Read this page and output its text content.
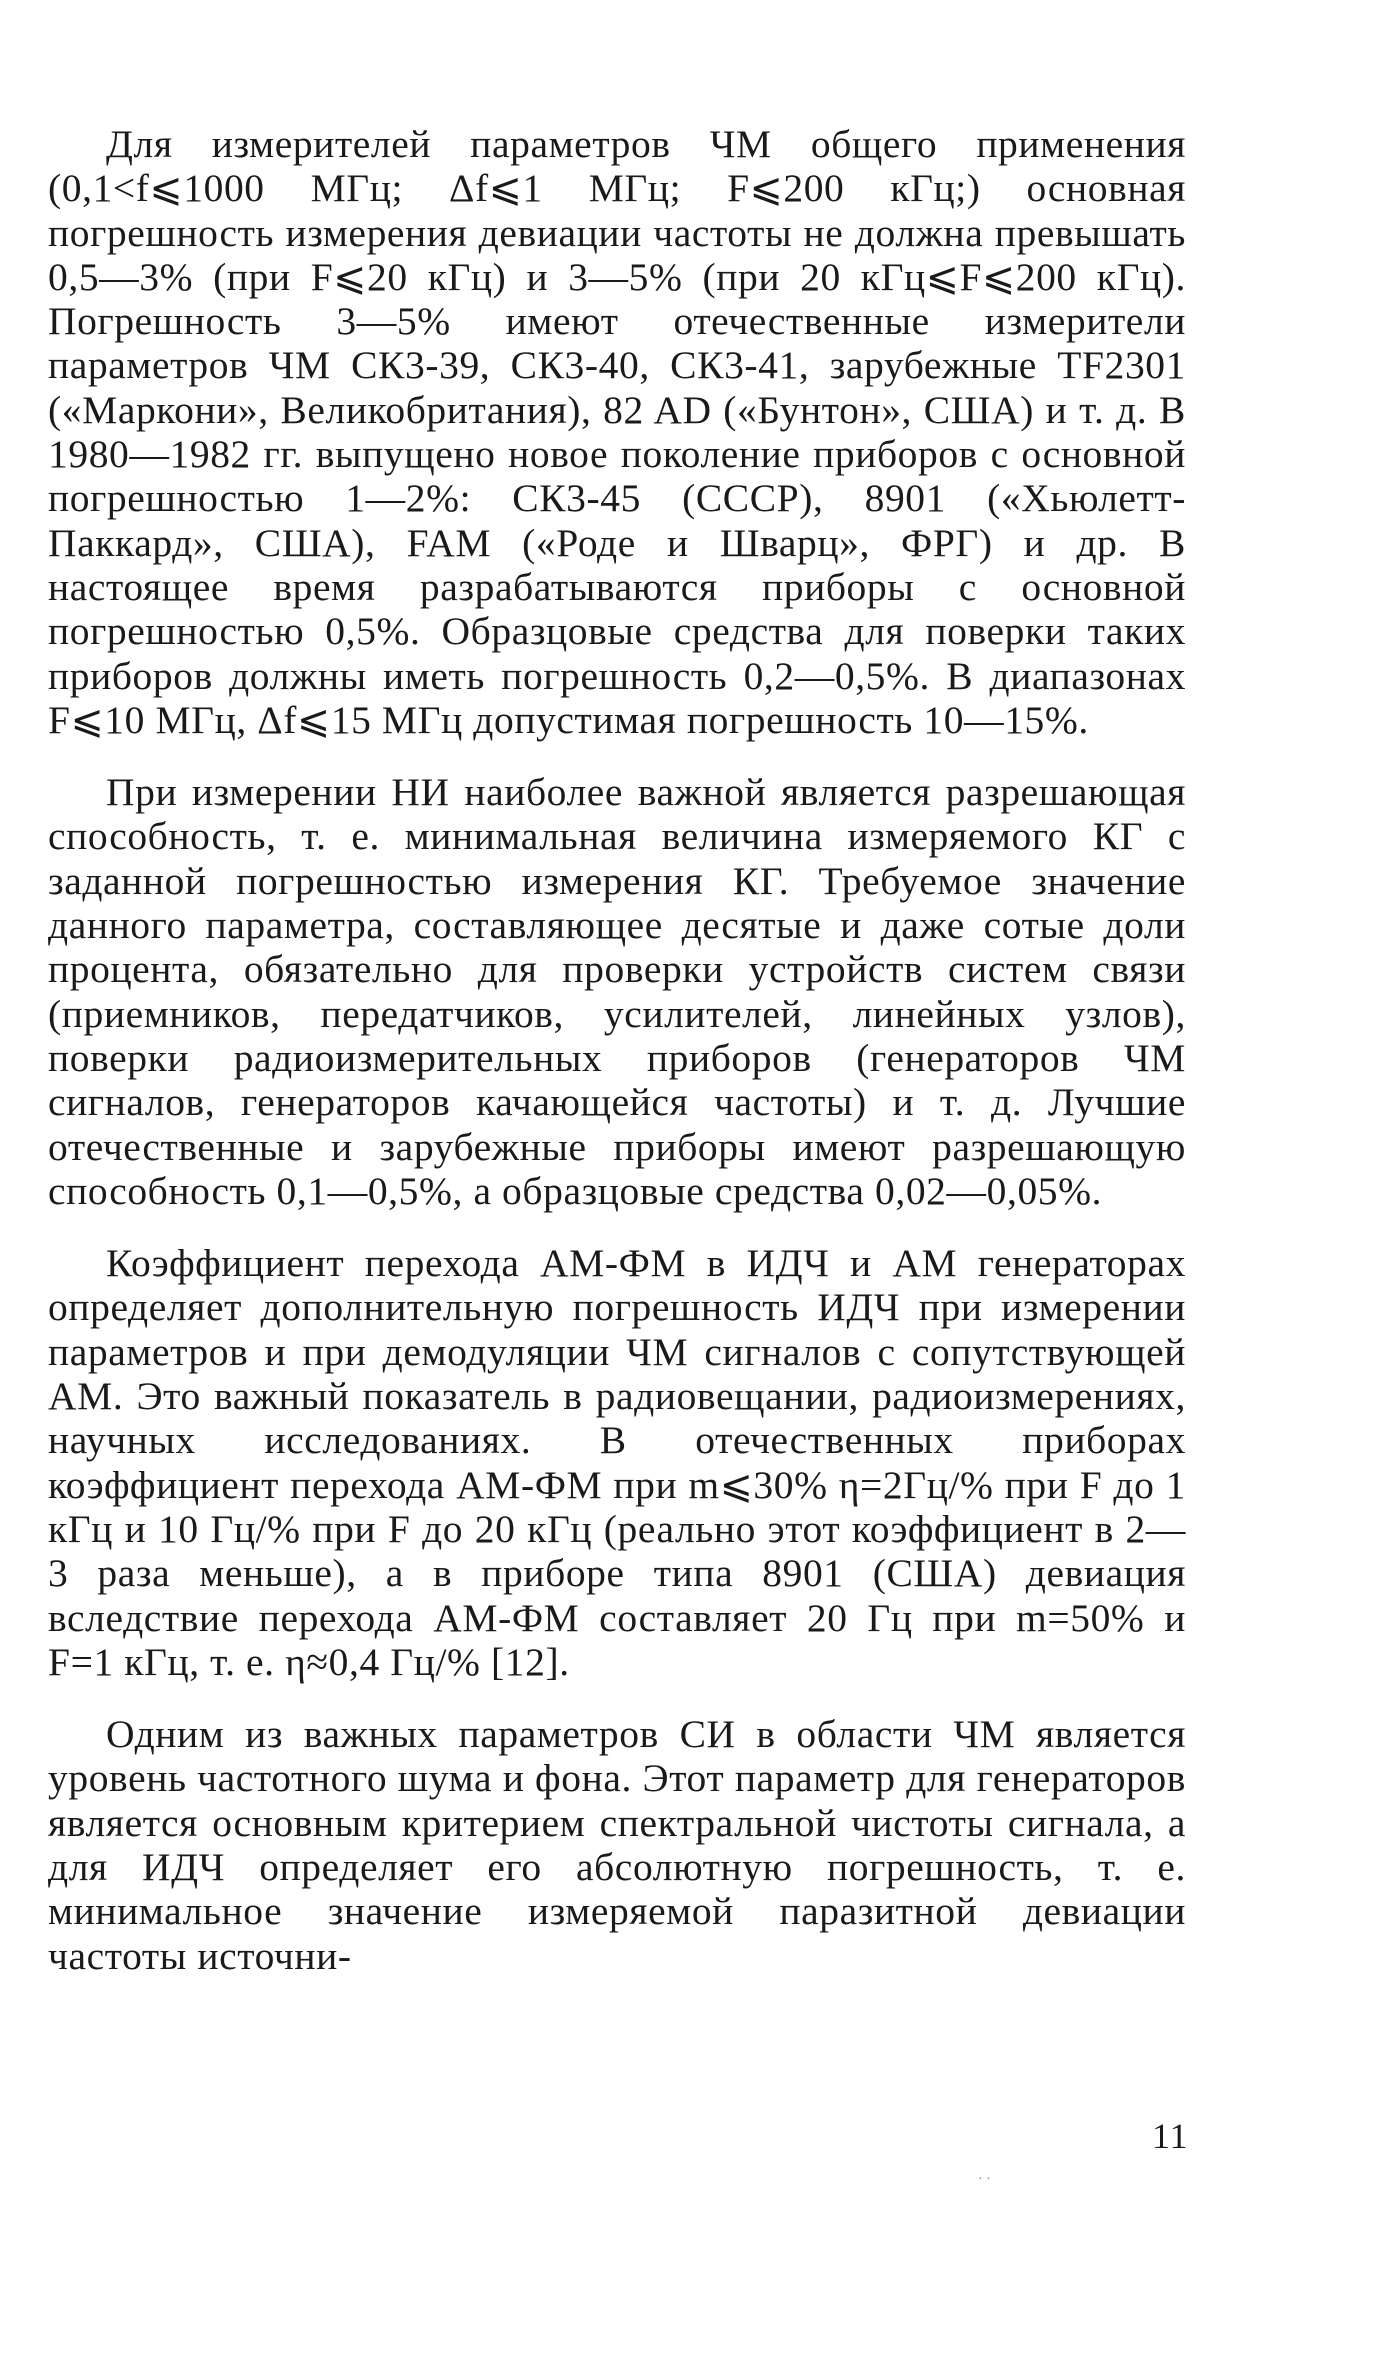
Для измерителей параметров ЧМ общего применения (0,1<f⩽1000 МГц; Δf⩽1 МГц; F⩽200 кГц;) основная погрешность измерения девиации частоты не должна превышать 0,5—3% (при F⩽20 кГц) и 3—5% (при 20 кГц⩽F⩽200 кГц). Погрешность 3—5% имеют отечественные измерители параметров ЧМ СК3-39, СК3-40, СК3-41, зарубежные TF2301 («Маркони», Великобритания), 82 AD («Бунтон», США) и т. д. В 1980—1982 гг. выпущено новое поколение приборов с основной погрешностью 1—2%: СК3-45 (СССР), 8901 («Хьюлетт-Паккард», США), FAM («Роде и Шварц», ФРГ) и др. В настоящее время разрабатываются приборы с основной погрешностью 0,5%. Образцовые средства для поверки таких приборов должны иметь погрешность 0,2—0,5%. В диапазонах F⩽10 МГц, Δf⩽15 МГц допустимая погрешность 10—15%.

При измерении НИ наиболее важной является разрешающая способность, т. е. минимальная величина измеряемого КГ с заданной погрешностью измерения КГ. Требуемое значение данного параметра, составляющее десятые и даже сотые доли процента, обязательно для проверки устройств систем связи (приемников, передатчиков, усилителей, линейных узлов), поверки радиоизмерительных приборов (генераторов ЧМ сигналов, генераторов качающейся частоты) и т. д. Лучшие отечественные и зарубежные приборы имеют разрешающую способность 0,1—0,5%, а образцовые средства 0,02—0,05%.

Коэффициент перехода АМ-ФМ в ИДЧ и АМ генераторах определяет дополнительную погрешность ИДЧ при измерении параметров и при демодуляции ЧМ сигналов с сопутствующей АМ. Это важный показатель в радиовещании, радиоизмерениях, научных исследованиях. В отечественных приборах коэффициент перехода АМ-ФМ при m⩽30% η=2Гц/% при F до 1 кГц и 10 Гц/% при F до 20 кГц (реально этот коэффициент в 2—3 раза меньше), а в приборе типа 8901 (США) девиация вследствие перехода АМ-ФМ составляет 20 Гц при m=50% и F=1 кГц, т. е. η≈0,4 Гц/% [12].

Одним из важных параметров СИ в области ЧМ является уровень частотного шума и фона. Этот параметр для генераторов является основным критерием спектральной чистоты сигнала, а для ИДЧ определяет его абсолютную погрешность, т. е. минимальное значение измеряемой паразитной девиации частоты источни-

11
· ·
